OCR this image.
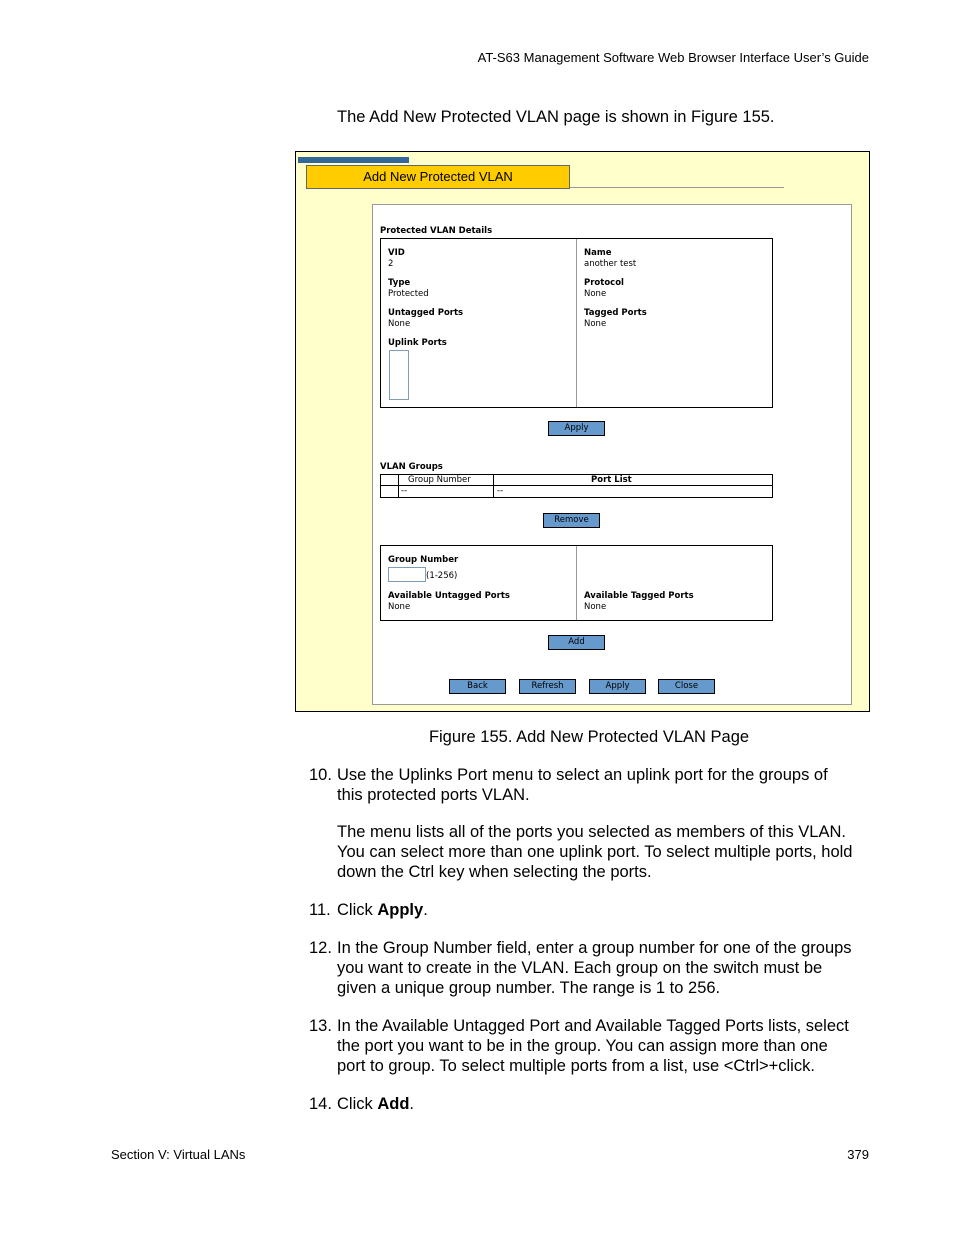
AT-S63 Management Software Web Browser Interface User’s Guide
The Add New Protected VLAN page is shown in Figure 155.
Add New Protected VLAN
Protected VLAN Details
VID
2
Type
Protected
Untagged Ports
None
Uplink Ports
Name
another test
Protocol
None
Tagged Ports
None
Apply
VLAN Groups
Group Number	Port List
--	--
Remove
Group Number
(1-256)
Available Untagged Ports
None
Available Tagged Ports
None
Add
Back	Refresh	Apply	Close
Figure 155. Add New Protected VLAN Page
10. Use the Uplinks Port menu to select an uplink port for the groups of
this protected ports VLAN.
The menu lists all of the ports you selected as members of this VLAN.
You can select more than one uplink port. To select multiple ports, hold
down the Ctrl key when selecting the ports.
11. Click Apply.
12. In the Group Number field, enter a group number for one of the groups
you want to create in the VLAN. Each group on the switch must be
given a unique group number. The range is 1 to 256.
13. In the Available Untagged Port and Available Tagged Ports lists, select
the port you want to be in the group. You can assign more than one
port to group. To select multiple ports from a list, use <Ctrl>+click.
14. Click Add.
Section V: Virtual LANs	379
